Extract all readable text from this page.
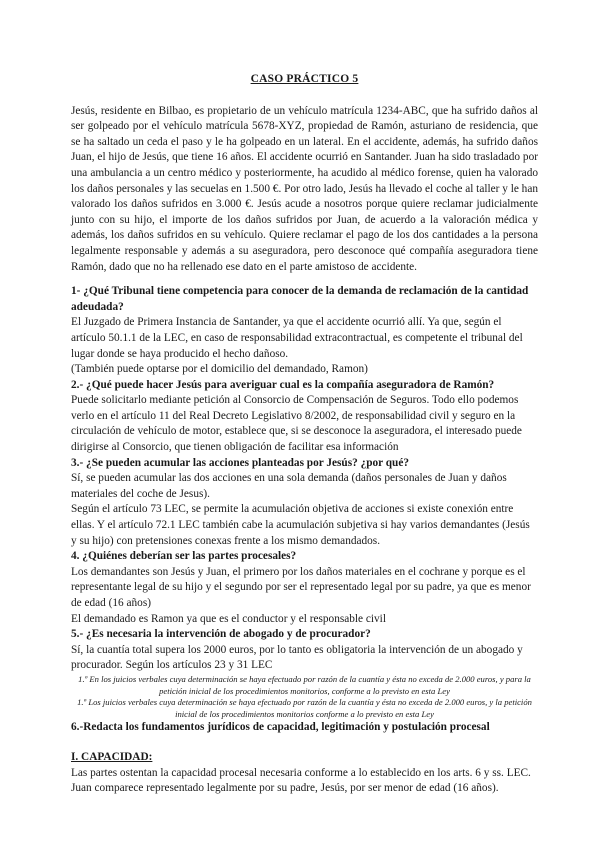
CASO PRÁCTICO 5

Jesús, residente en Bilbao, es propietario de un vehículo matrícula 1234-ABC, que ha sufrido daños al ser golpeado por el vehículo matrícula 5678-XYZ, propiedad de Ramón, asturiano de residencia, que se ha saltado un ceda el paso y le ha golpeado en un lateral. En el accidente, además, ha sufrido daños Juan, el hijo de Jesús, que tiene 16 años. El accidente ocurrió en Santander. Juan ha sido trasladado por una ambulancia a un centro médico y posteriormente, ha acudido al médico forense, quien ha valorado los daños personales y las secuelas en 1.500 €. Por otro lado, Jesús ha llevado el coche al taller y le han valorado los daños sufridos en 3.000 €. Jesús acude a nosotros porque quiere reclamar judicialmente junto con su hijo, el importe de los daños sufridos por Juan, de acuerdo a la valoración médica y además, los daños sufridos en su vehículo. Quiere reclamar el pago de los dos cantidades a la persona legalmente responsable y además a su aseguradora, pero desconoce qué compañía aseguradora tiene Ramón, dado que no ha rellenado ese dato en el parte amistoso de accidente.

1- ¿Qué Tribunal tiene competencia para conocer de la demanda de reclamación de la cantidad adeudada?

El Juzgado de Primera Instancia de Santander, ya que el accidente ocurrió allí. Ya que, según el artículo 50.1.1 de la LEC, en caso de responsabilidad extracontractual, es competente el tribunal del lugar donde se haya producido el hecho dañoso.

(También puede optarse por el domicilio del demandado, Ramon)

2.- ¿Qué puede hacer Jesús para averiguar cual es la compañía aseguradora de Ramón?

Puede solicitarlo mediante petición al Consorcio de Compensación de Seguros. Todo ello podemos verlo en el artículo 11 del Real Decreto Legislativo 8/2002, de responsabilidad civil y seguro en la circulación de vehículo de motor, establece que, si se desconoce la aseguradora, el interesado puede dirigirse al Consorcio, que tienen obligación de facilitar esa información

3.- ¿Se pueden acumular las acciones planteadas por Jesús? ¿por qué?

Sí, se pueden acumular las dos acciones en una sola demanda (daños personales de Juan y daños materiales del coche de Jesus).

Según el artículo 73 LEC, se permite la acumulación objetiva de acciones si existe conexión entre ellas. Y el artículo 72.1 LEC también cabe la acumulación subjetiva si hay varios demandantes (Jesús y su hijo) con pretensiones conexas frente a los mismo demandados.

4. ¿Quiénes deberían ser las partes procesales?

Los demandantes son Jesús y Juan, el primero por los daños materiales en el cochrane y porque es el representante legal de su hijo y el segundo por ser el representado legal por su padre, ya que es menor de edad (16 años)

El demandado es Ramon ya que es el conductor y el responsable civil

5.- ¿Es necesaria la intervención de abogado y de procurador?

Sí, la cuantía total supera los 2000 euros, por lo tanto es obligatoria la intervención de un abogado y procurador. Según los artículos 23 y 31 LEC

1.º En los juicios verbales cuya determinación se haya efectuado por razón de la cuantía y ésta no exceda de 2.000 euros, y para la petición inicial de los procedimientos monitorios, conforme a lo previsto en esta Ley

1.º Los juicios verbales cuya determinación se haya efectuado por razón de la cuantía y ésta no exceda de 2.000 euros, y la petición inicial de los procedimientos monitorios conforme a lo previsto en esta Ley

6.-Redacta los fundamentos jurídicos de capacidad, legitimación y postulación procesal

I. CAPACIDAD:

Las partes ostentan la capacidad procesal necesaria conforme a lo establecido en los arts. 6 y ss. LEC. Juan comparece representado legalmente por su padre, Jesús, por ser menor de edad (16 años).
